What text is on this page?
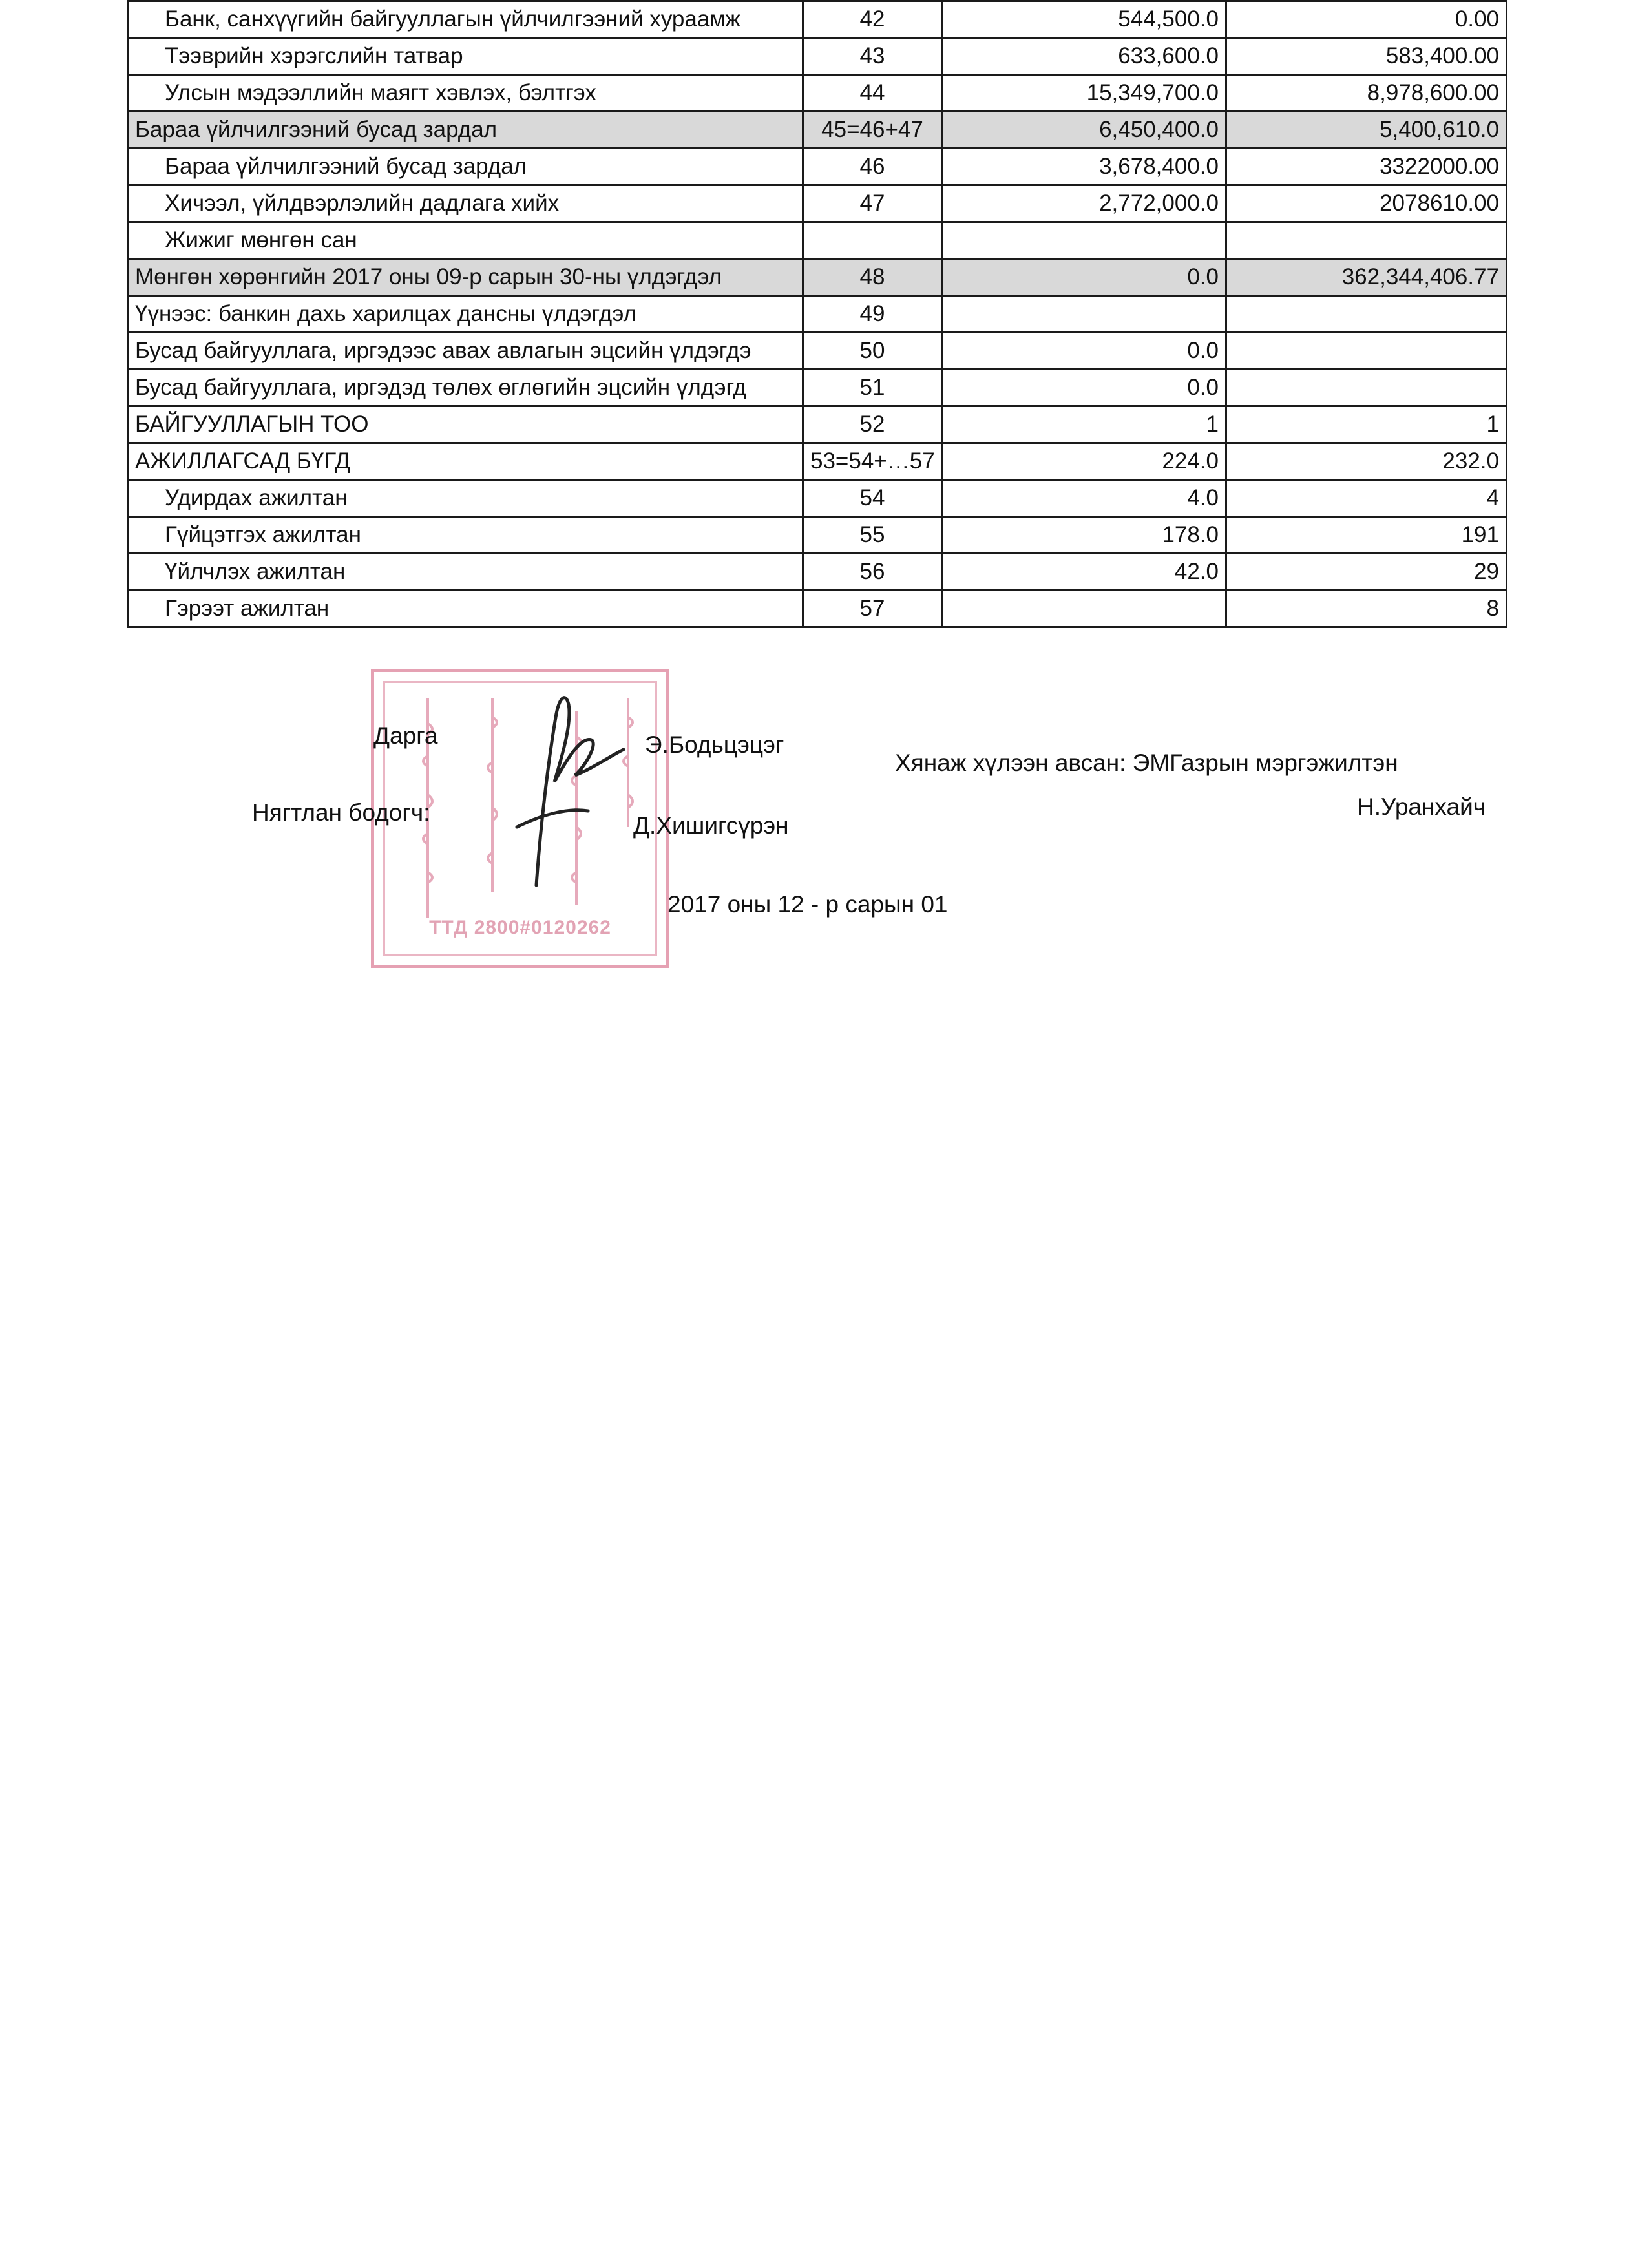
Банк, санхүүгийн байгууллагын үйлчилгээний хураамж	42	544,500.0	0.00
Тээврийн хэрэгслийн татвар	43	633,600.0	583,400.00
Улсын мэдээллийн маягт хэвлэх, бэлтгэх	44	15,349,700.0	8,978,600.00
Бараа үйлчилгээний бусад зардал	45=46+47	6,450,400.0	5,400,610.0
Бараа үйлчилгээний бусад зардал	46	3,678,400.0	3322000.00
Хичээл, үйлдвэрлэлийн дадлага хийх	47	2,772,000.0	2078610.00
Жижиг мөнгөн сан			
Мөнгөн хөрөнгийн 2017 оны 09-р сарын 30-ны үлдэгдэл	48	0.0	362,344,406.77
Үүнээс: банкин дахь харилцах дансны үлдэгдэл	49		
Бусад байгууллага, иргэдээс авах авлагын эцсийн үлдэгдэ	50	0.0	
Бусад байгууллага, иргэдэд төлөх өглөгийн эцсийн үлдэгд	51	0.0	
БАЙГУУЛЛАГЫН ТОО	52	1	1
АЖИЛЛАГСАД БҮГД	53=54+…57	224.0	232.0
Удирдах ажилтан	54	4.0	4
Гүйцэтгэх ажилтан	55	178.0	191
Үйлчлэх ажилтан	56	42.0	29
Гэрээт ажилтан	57		8
ТТД 2800#0120262
Дарга	Э.Бодьцэцэг
Хянаж хүлээн авсан: ЭМГазрын мэргэжилтэн
Нягтлан бодогч:	Д.Хишигсүрэн
Н.Уранхайч
2017 оны 12 - р сарын 01
